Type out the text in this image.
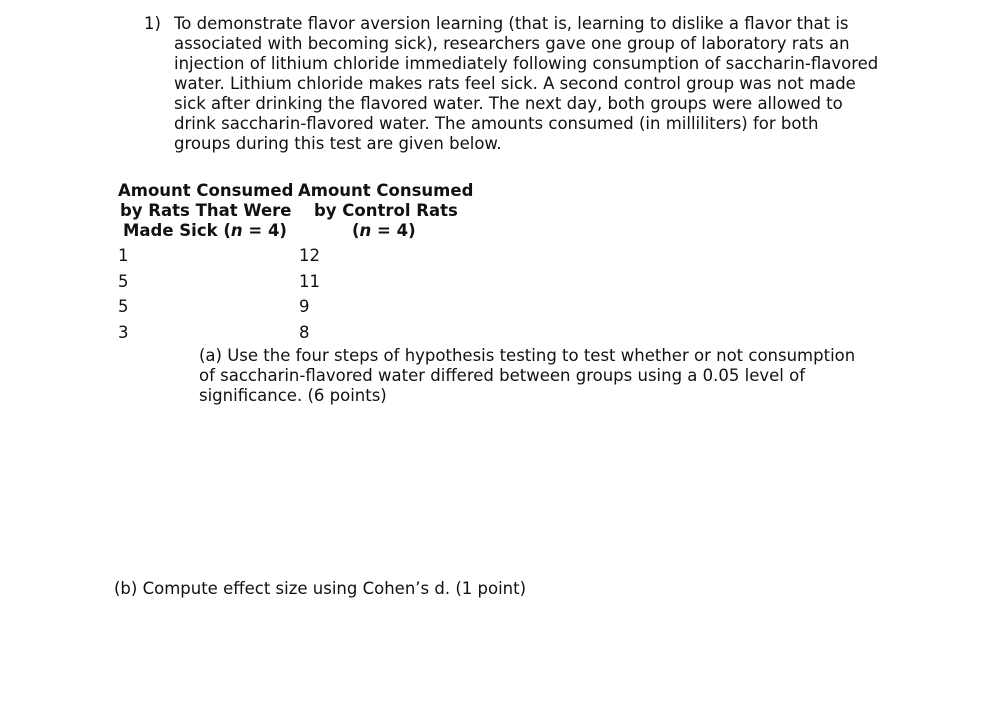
1) To demonstrate flavor aversion learning (that is, learning to dislike a flavor that is
associated with becoming sick), researchers gave one group of laboratory rats an
injection of lithium chloride immediately following consumption of saccharin-flavored
water. Lithium chloride makes rats feel sick. A second control group was not made
sick after drinking the flavored water. The next day, both groups were allowed to
drink saccharin-flavored water. The amounts consumed (in milliliters) for both
groups during this test are given below.
Amount Consumed
by Rats That Were
Made Sick (n = 4)
Amount Consumed
by Control Rats
(n = 4)
1
5
5
3
12
11
9
8
(a) Use the four steps of hypothesis testing to test whether or not consumption
of saccharin-flavored water differed between groups using a 0.05 level of
significance. (6 points)
(b) Compute effect size using Cohen’s d. (1 point)
